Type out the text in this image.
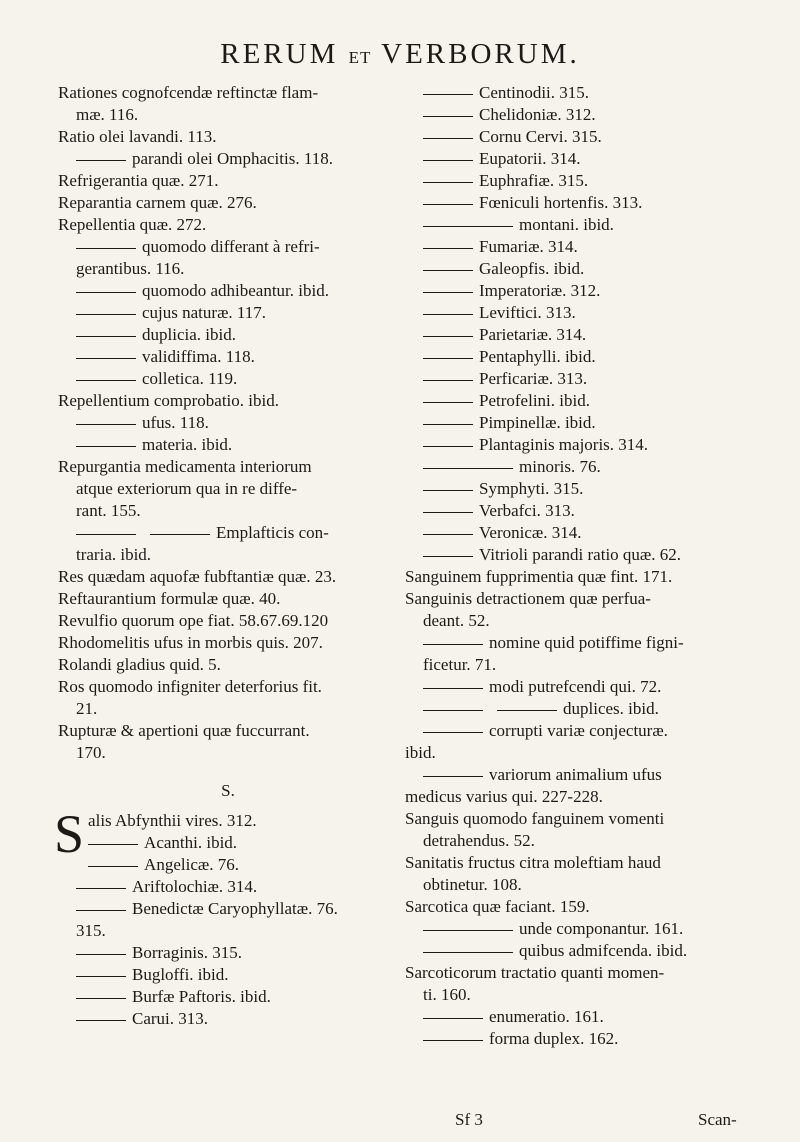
RERUM ET VERBORUM.
Rationes cognofcendæ reftinctæ flam-
mæ. 116.
Ratio olei lavandi. 113.
parandi olei Omphacitis. 118.
Refrigerantia quæ. 271.
Reparantia carnem quæ. 276.
Repellentia quæ. 272.
quomodo differant à refri-
gerantibus. 116.
quomodo adhibeantur. ibid.
cujus naturæ. 117.
duplicia. ibid.
validiffima. 118.
colletica. 119.
Repellentium comprobatio. ibid.
ufus. 118.
materia. ibid.
Repurgantia medicamenta interiorum
atque exteriorum qua in re diffe-
rant. 155.
Emplafticis con-
traria. ibid.
Res quædam aquofæ fubftantiæ quæ. 23.
Reftaurantium formulæ quæ. 40.
Revulfio quorum ope fiat. 58.67.69.120
Rhodomelitis ufus in morbis quis. 207.
Rolandi gladius quid. 5.
Ros quomodo infigniter deterforius fit.
21.
Rupturæ & apertioni quæ fuccurrant.
170.
S.
Salis Abfynthii vires. 312.
Acanthi. ibid.
Angelicæ. 76.
Ariftolochiæ. 314.
Benedictæ Caryophyllatæ. 76.
315.
Borraginis. 315.
Bugloffi. ibid.
Burfæ Paftoris. ibid.
Carui. 313.
Centinodii. 315.
Chelidoniæ. 312.
Cornu Cervi. 315.
Eupatorii. 314.
Euphrafiæ. 315.
Fœniculi hortenfis. 313.
montani. ibid.
Fumariæ. 314.
Galeopfis. ibid.
Imperatoriæ. 312.
Leviftici. 313.
Parietariæ. 314.
Pentaphylli. ibid.
Perficariæ. 313.
Petrofelini. ibid.
Pimpinellæ. ibid.
Plantaginis majoris. 314.
minoris. 76.
Symphyti. 315.
Verbafci. 313.
Veronicæ. 314.
Vitrioli parandi ratio quæ. 62.
Sanguinem fupprimentia quæ fint. 171.
Sanguinis detractionem quæ perfua-
deant. 52.
nomine quid potiffime figni-
ficetur. 71.
modi putrefcendi qui. 72.
duplices. ibid.
corrupti variæ conjecturæ.
ibid.
variorum animalium ufus
medicus varius qui. 227-228.
Sanguis quomodo fanguinem vomenti
detrahendus. 52.
Sanitatis fructus citra moleftiam haud
obtinetur. 108.
Sarcotica quæ faciant. 159.
unde componantur. 161.
quibus admifcenda. ibid.
Sarcoticorum tractatio quanti momen-
ti. 160.
enumeratio. 161.
forma duplex. 162.
Sf 3	Scan-
